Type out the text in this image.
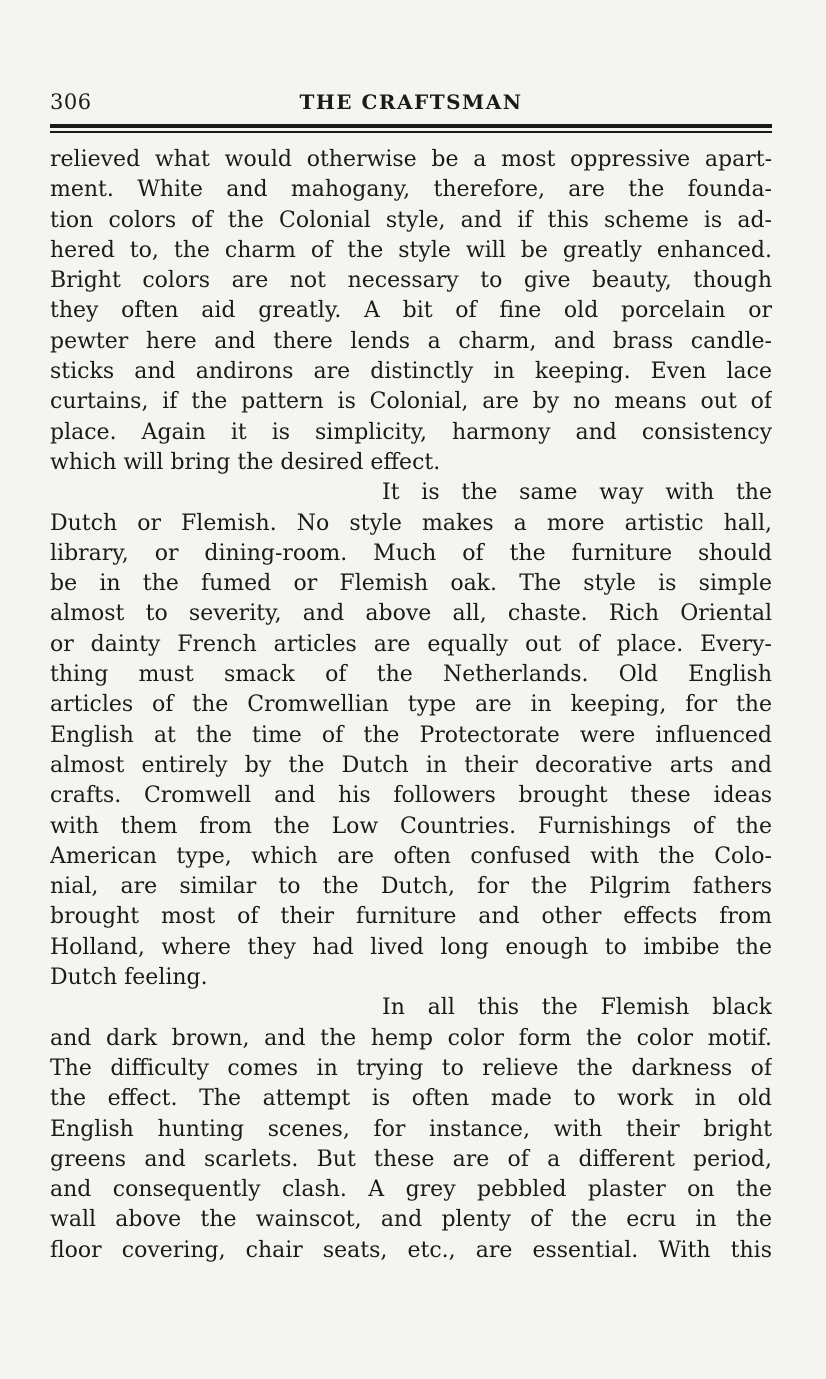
306	THE CRAFTSMAN
relieved what would otherwise be a most oppressive apart-
ment. White and mahogany, therefore, are the founda-
tion colors of the Colonial style, and if this scheme is ad-
hered to, the charm of the style will be greatly enhanced.
Bright colors are not necessary to give beauty, though
they often aid greatly. A bit of fine old porcelain or
pewter here and there lends a charm, and brass candle-
sticks and andirons are distinctly in keeping. Even lace
curtains, if the pattern is Colonial, are by no means out of
place. Again it is simplicity, harmony and consistency
which will bring the desired effect.
It is the same way with the
Dutch or Flemish. No style makes a more artistic hall,
library, or dining-room. Much of the furniture should
be in the fumed or Flemish oak. The style is simple
almost to severity, and above all, chaste. Rich Oriental
or dainty French articles are equally out of place. Every-
thing must smack of the Netherlands. Old English
articles of the Cromwellian type are in keeping, for the
English at the time of the Protectorate were influenced
almost entirely by the Dutch in their decorative arts and
crafts. Cromwell and his followers brought these ideas
with them from the Low Countries. Furnishings of the
American type, which are often confused with the Colo-
nial, are similar to the Dutch, for the Pilgrim fathers
brought most of their furniture and other effects from
Holland, where they had lived long enough to imbibe the
Dutch feeling.
In all this the Flemish black
and dark brown, and the hemp color form the color motif.
The difficulty comes in trying to relieve the darkness of
the effect. The attempt is often made to work in old
English hunting scenes, for instance, with their bright
greens and scarlets. But these are of a different period,
and consequently clash. A grey pebbled plaster on the
wall above the wainscot, and plenty of the ecru in the
floor covering, chair seats, etc., are essential. With this
